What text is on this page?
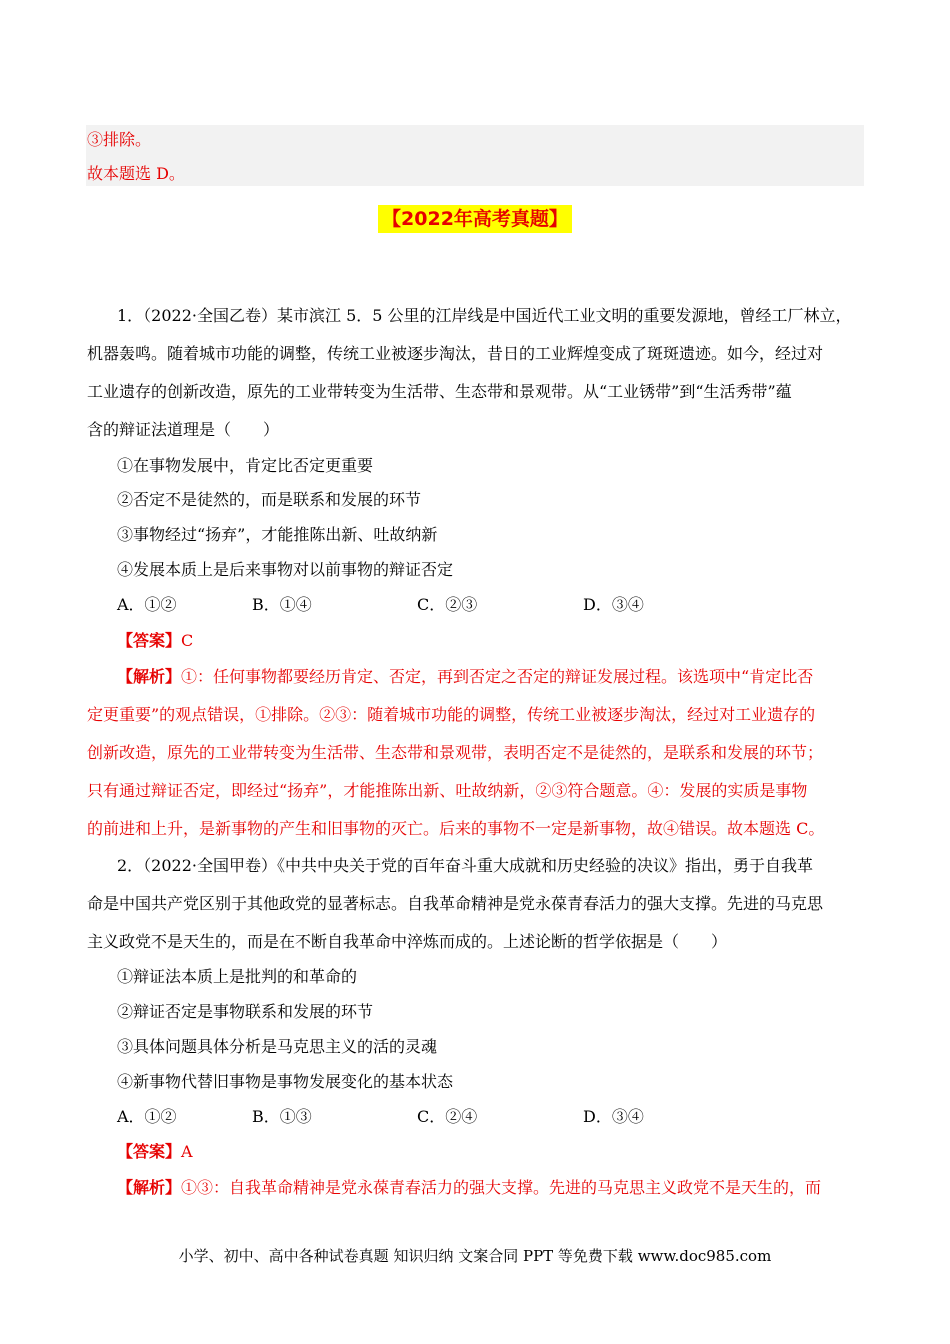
③排除。
故本题选 D。
【2022年高考真题】
1．（2022·全国乙卷）某市滨江 5．5 公里的江岸线是中国近代工业文明的重要发源地，曾经工厂林立，
机器轰鸣。随着城市功能的调整，传统工业被逐步淘汰，昔日的工业辉煌变成了斑斑遗迹。如今，经过对
工业遗存的创新改造，原先的工业带转变为生活带、生态带和景观带。从“工业锈带”到“生活秀带”蕴
含的辩证法道理是（　　）
①在事物发展中，肯定比否定更重要
②否定不是徒然的，而是联系和发展的环节
③事物经过“扬弃”，才能推陈出新、吐故纳新
④发展本质上是后来事物对以前事物的辩证否定
A．①②	B．①④	C．②③	D．③④
【答案】C
【解析】①：任何事物都要经历肯定、否定，再到否定之否定的辩证发展过程。该选项中“肯定比否
定更重要”的观点错误，①排除。②③：随着城市功能的调整，传统工业被逐步淘汰，经过对工业遗存的
创新改造，原先的工业带转变为生活带、生态带和景观带，表明否定不是徒然的，是联系和发展的环节；
只有通过辩证否定，即经过“扬弃”，才能推陈出新、吐故纳新，②③符合题意。④：发展的实质是事物
的前进和上升，是新事物的产生和旧事物的灭亡。后来的事物不一定是新事物，故④错误。故本题选 C。
2．（2022·全国甲卷）《中共中央关于党的百年奋斗重大成就和历史经验的决议》指出，勇于自我革
命是中国共产党区别于其他政党的显著标志。自我革命精神是党永葆青春活力的强大支撑。先进的马克思
主义政党不是天生的，而是在不断自我革命中淬炼而成的。上述论断的哲学依据是（　　）
①辩证法本质上是批判的和革命的
②辩证否定是事物联系和发展的环节
③具体问题具体分析是马克思主义的活的灵魂
④新事物代替旧事物是事物发展变化的基本状态
A．①②	B．①③	C．②④	D．③④
【答案】A
【解析】①③：自我革命精神是党永葆青春活力的强大支撑。先进的马克思主义政党不是天生的，而
小学、初中、高中各种试卷真题 知识归纳 文案合同 PPT 等免费下载 www.doc985.com
